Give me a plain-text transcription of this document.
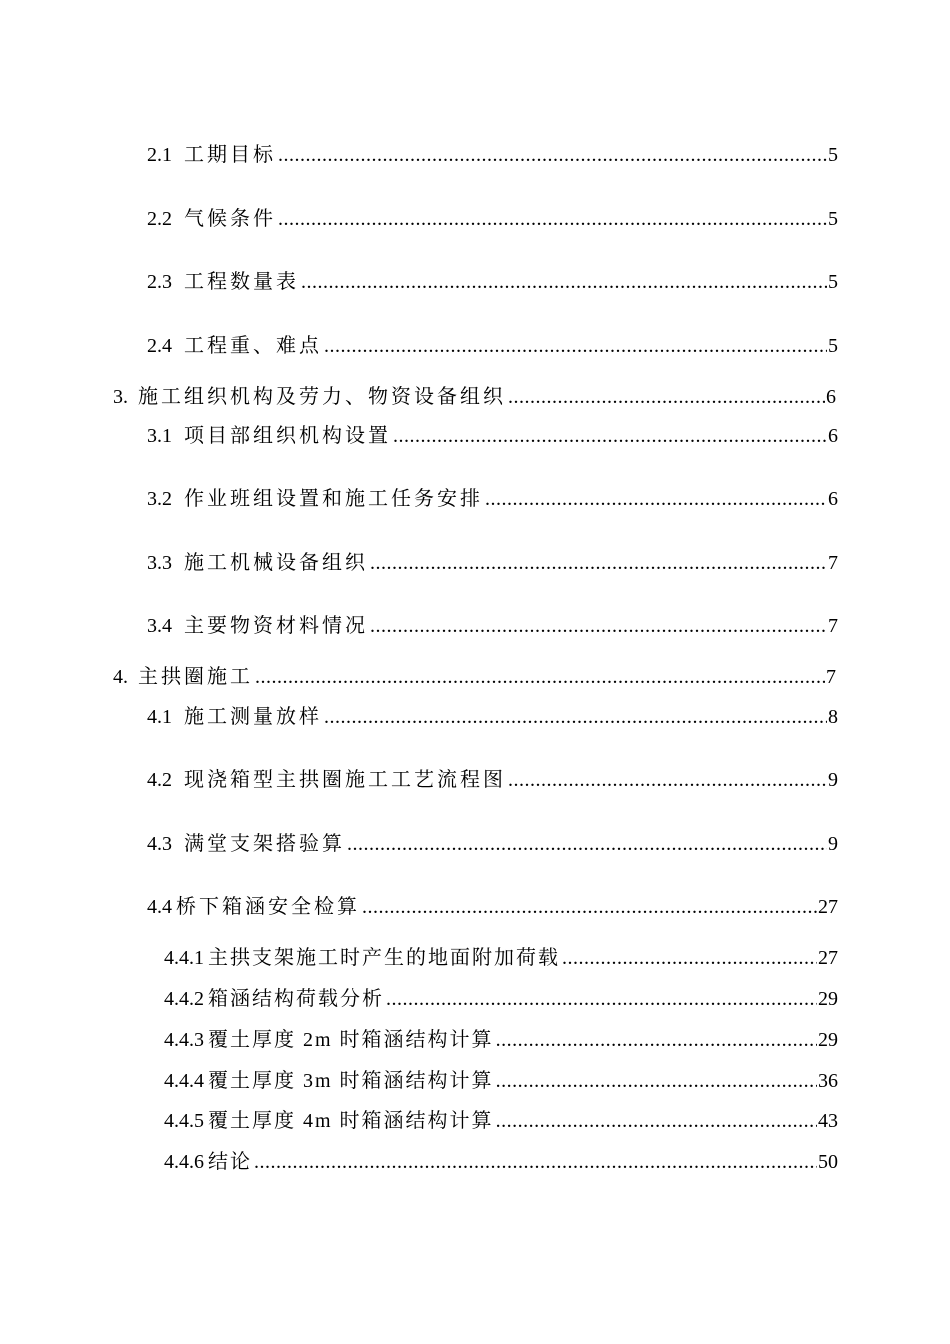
2.1 工期目标 .....	5
2.2 气候条件 .....	5
2.3 工程数量表 .....	5
2.4 工程重、难点 .....	5
3. 施工组织机构及劳力、物资设备组织 .....	6
3.1 项目部组织机构设置 .....	6
3.2 作业班组设置和施工任务安排 .....	6
3.3 施工机械设备组织 .....	7
3.4 主要物资材料情况 .....	7
4. 主拱圈施工 .....	7
4.1 施工测量放样 .....	8
4.2 现浇箱型主拱圈施工工艺流程图 .....	9
4.3 满堂支架搭验算 .....	9
4.4 桥下箱涵安全检算 .....	27
4.4.1 主拱支架施工时产生的地面附加荷载 .....	27
4.4.2 箱涵结构荷载分析 .....	29
4.4.3 覆土厚度 2m 时箱涵结构计算 .....	29
4.4.4 覆土厚度 3m 时箱涵结构计算 .....	36
4.4.5 覆土厚度 4m 时箱涵结构计算 .....	43
4.4.6 结论 .....	50
